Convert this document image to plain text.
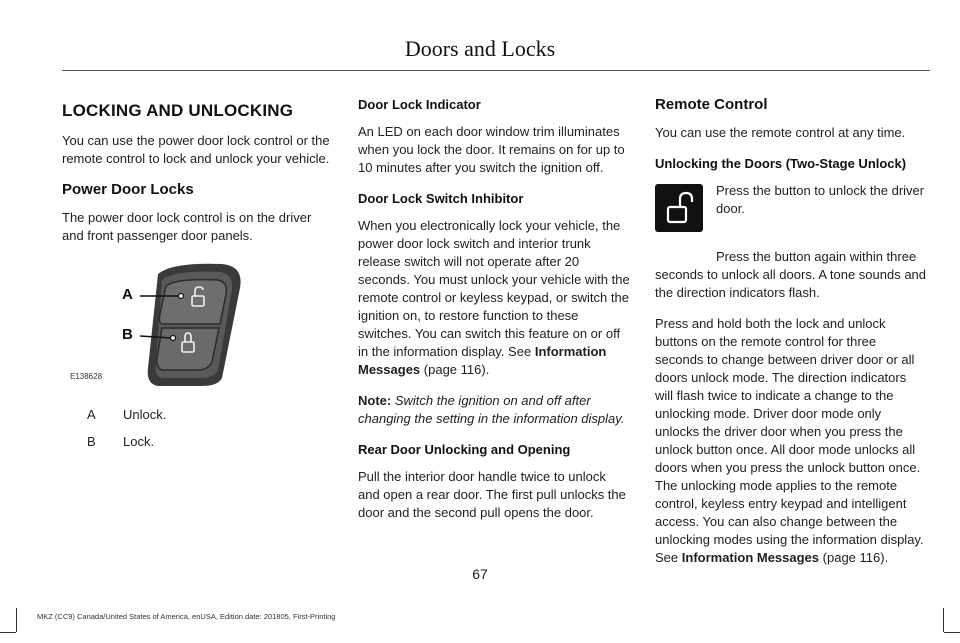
Doors and Locks
LOCKING AND UNLOCKING

You can use the power door lock control or the remote control to lock and unlock your vehicle.

Power Door Locks

The power door lock control is on the driver and front passenger door panels.

A
B
E138628
A	Unlock.
B	Lock.
Door Lock Indicator

An LED on each door window trim illuminates when you lock the door. It remains on for up to 10 minutes after you switch the ignition off.

Door Lock Switch Inhibitor

When you electronically lock your vehicle, the power door lock switch and interior trunk release switch will not operate after 20 seconds. You must unlock your vehicle with the remote control or keyless keypad, or switch the ignition on, to restore function to these switches. You can switch this feature on or off in the information display. See Information Messages (page 116).

Note: Switch the ignition on and off after changing the setting in the information display.

Rear Door Unlocking and Opening

Pull the interior door handle twice to unlock and open a rear door. The first pull unlocks the door and the second pull opens the door.

Remote Control

You can use the remote control at any time.

Unlocking the Doors (Two-Stage Unlock)

Press the button to unlock the driver door.

Press the button again within three seconds to unlock all doors. A tone sounds and the direction indicators flash.

Press and hold both the lock and unlock buttons on the remote control for three seconds to change between driver door or all doors unlock mode. The direction indicators will flash twice to indicate a change to the unlocking mode. Driver door mode only unlocks the driver door when you press the unlock button once. All door mode unlocks all doors when you press the unlock button once. The unlocking mode applies to the remote control, keyless entry keypad and intelligent access. You can also change between the unlocking modes using the information display. See Information Messages (page 116).

67
MKZ (CC9) Canada/United States of America, enUSA, Edition date: 201805, First-Printing
